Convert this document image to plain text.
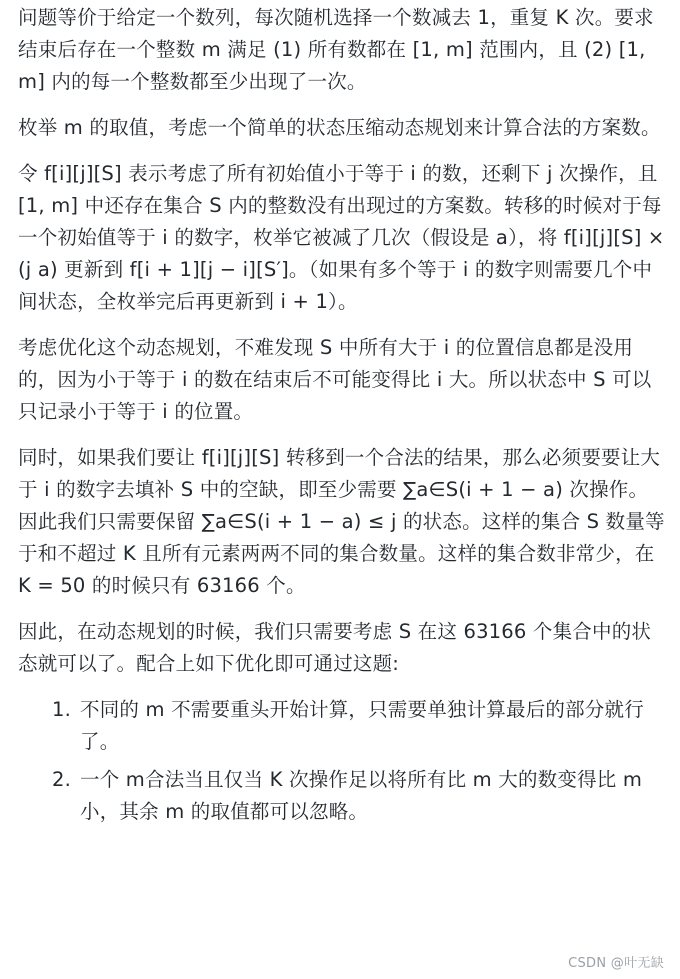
问题等价于给定一个数列，每次随机选择一个数减去 1，重复 K 次。要求结束后存在一个整数 m 满足 (1) 所有数都在 [1, m] 范围内，且 (2) [1, m] 内的每一个整数都至少出现了一次。

枚举 m 的取值，考虑一个简单的状态压缩动态规划来计算合法的方案数。

令 f[i][j][S] 表示考虑了所有初始值小于等于 i 的数，还剩下 j 次操作，且 [1, m] 中还存在集合 S 内的整数没有出现过的方案数。转移的时候对于每一个初始值等于 i 的数字，枚举它被减了几次（假设是 a），将 f[i][j][S] × (j a) 更新到 f[i + 1][j − i][S′]。（如果有多个等于 i 的数字则需要几个中间状态，全枚举完后再更新到 i + 1）。

考虑优化这个动态规划，不难发现 S 中所有大于 i 的位置信息都是没用的，因为小于等于 i 的数在结束后不可能变得比 i 大。所以状态中 S 可以只记录小于等于 i 的位置。

同时，如果我们要让 f[i][j][S] 转移到一个合法的结果，那么必须要要让大于 i 的数字去填补 S 中的空缺，即至少需要 ∑a∈S(i + 1 − a) 次操作。因此我们只需要保留 ∑a∈S(i + 1 − a) ≤ j 的状态。这样的集合 S 数量等于和不超过 K 且所有元素两两不同的集合数量。这样的集合数非常少，在 K = 50 的时候只有 63166 个。

因此，在动态规划的时候，我们只需要考虑 S 在这 63166 个集合中的状态就可以了。配合上如下优化即可通过这题:

1. 不同的 m 不需要重头开始计算，只需要单独计算最后的部分就行了。
2. 一个 m合法当且仅当 K 次操作足以将所有比 m 大的数变得比 m 小，其余 m 的取值都可以忽略。
CSDN @叶无缺
